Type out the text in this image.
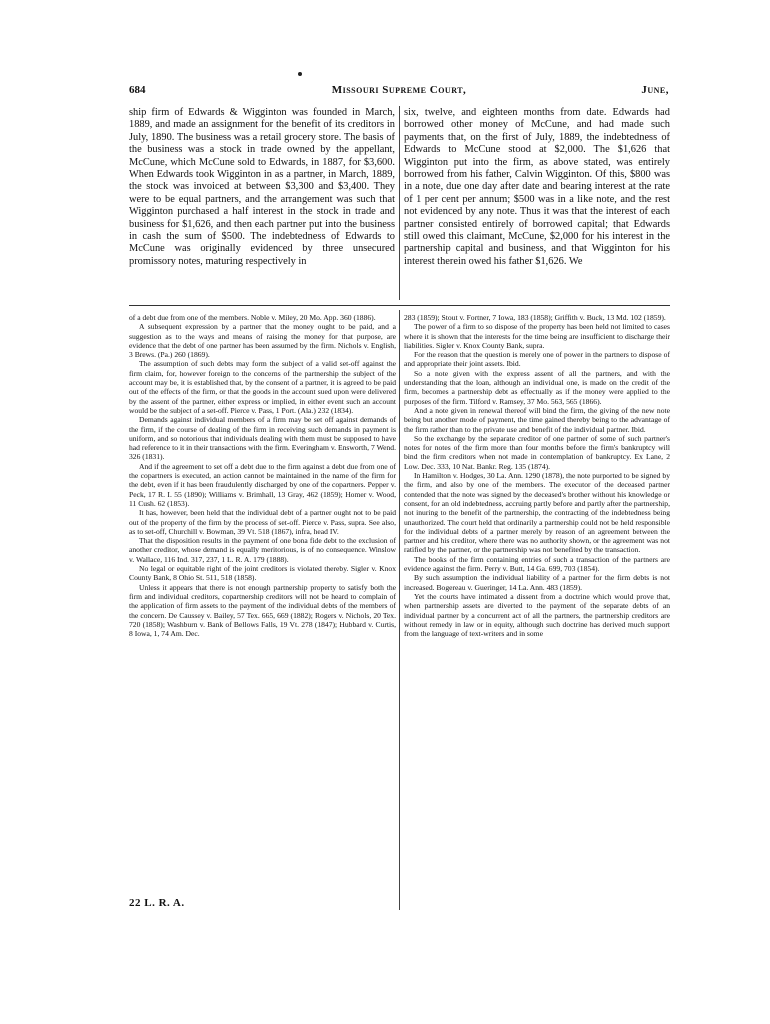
Missouri Supreme Court,
684	June,

ship firm of Edwards & Wigginton was founded in March, 1889, and made an assignment for the benefit of its creditors in July, 1890. The business was a retail grocery store. The basis of the business was a stock in trade owned by the appellant, McCune, which McCune sold to Edwards, in 1887, for $3,600. When Edwards took Wigginton in as a partner, in March, 1889, the stock was invoiced at between $3,300 and $3,400. They were to be equal partners, and the arrangement was such that Wigginton purchased a half interest in the stock in trade and business for $1,626, and then each partner put into the business in cash the sum of $500. The indebtedness of Edwards to McCune was originally evidenced by three unsecured promissory notes, maturing respectively in

six, twelve, and eighteen months from date. Edwards had borrowed other money of McCune, and had made such payments that, on the first of July, 1889, the indebtedness of Edwards to McCune stood at $2,000. The $1,626 that Wigginton put into the firm, as above stated, was entirely borrowed from his father, Calvin Wigginton. Of this, $800 was in a note, due one day after date and bearing interest at the rate of 1 per cent per annum; $500 was in a like note, and the rest not evidenced by any note. Thus it was that the interest of each partner consisted entirely of borrowed capital; that Edwards still owed this claimant, McCune, $2,000 for his interest in the partnership capital and business, and that Wigginton for his interest therein owed his father $1,626. We

of a debt due from one of the members. Noble v. Miley, 20 Mo. App. 360 (1886).

A subsequent expression by a partner that the money ought to be paid, and a suggestion as to the ways and means of raising the money for that purpose, are evidence that the debt of one partner has been assumed by the firm. Nichols v. English, 3 Brews. (Pa.) 260 (1869).

The assumption of such debts may form the subject of a valid set-off against the firm claim, for, however foreign to the concerns of the partnership the subject of the account may be, it is established that, by the consent of a partner, it is agreed to be paid out of the effects of the firm, or that the goods in the account sued upon were delivered by the assent of the partner, either express or implied, in either event such an account would be the subject of a set-off. Pierce v. Pass, 1 Port. (Ala.) 232 (1834).

Demands against individual members of a firm may be set off against demands of the firm, if the course of dealing of the firm in receiving such demands in payment is uniform, and so notorious that individuals dealing with them must be supposed to have had reference to it in their transactions with the firm. Everingham v. Ensworth, 7 Wend. 326 (1831).

And if the agreement to set off a debt due to the firm against a debt due from one of the copartners is executed, an action cannot be maintained in the name of the firm for the debt, even if it has been fraudulently discharged by one of the copartners. Pepper v. Peck, 17 R. I. 55 (1890); Williams v. Brimhall, 13 Gray, 462 (1859); Homer v. Wood, 11 Cush. 62 (1853).

It has, however, been held that the individual debt of a partner ought not to be paid out of the property of the firm by the process of set-off. Pierce v. Pass, supra. See also, as to set-off, Churchill v. Bowman, 39 Vt. 518 (1867), infra, head IV.

That the disposition results in the payment of one bona fide debt to the exclusion of another creditor, whose demand is equally meritorious, is of no consequence. Winslow v. Wallace, 116 Ind. 317, 237, 1 L. R. A. 179 (1888).

No legal or equitable right of the joint creditors is violated thereby. Sigler v. Knox County Bank, 8 Ohio St. 511, 518 (1858).

Unless it appears that there is not enough partnership property to satisfy both the firm and individual creditors, copartnership creditors will not be heard to complain of the application of firm assets to the payment of the individual debts of the members of the concern. De Caussey v. Bailey, 57 Tex. 665, 669 (1882); Rogers v. Nichols, 20 Tex. 720 (1858); Washburn v. Bank of Bellows Falls, 19 Vt. 278 (1847); Hubbard v. Curtis, 8 Iowa, 1, 74 Am. Dec.

283 (1859); Stout v. Fortner, 7 Iowa, 183 (1858); Griffith v. Buck, 13 Md. 102 (1859).

The power of a firm to so dispose of the property has been held not limited to cases where it is shown that the interests for the time being are insufficient to discharge their liabilities. Sigler v. Knox County Bank, supra.

For the reason that the question is merely one of power in the partners to dispose of and appropriate their joint assets. Ibid.

So a note given with the express assent of all the partners, and with the understanding that the loan, although an individual one, is made on the credit of the firm, becomes a partnership debt as effectually as if the money were applied to the purposes of the firm. Tilford v. Ramsey, 37 Mo. 563, 565 (1866).

And a note given in renewal thereof will bind the firm, the giving of the new note being but another mode of payment, the time gained thereby being to the advantage of the firm rather than to the private use and benefit of the individual partner. Ibid.

So the exchange by the separate creditor of one partner of some of such partner's notes for notes of the firm more than four months before the firm's bankruptcy will bind the firm creditors when not made in contemplation of bankruptcy. Ex Lane, 2 Low. Dec. 333, 10 Nat. Bankr. Reg. 135 (1874).

In Hamilton v. Hodges, 30 La. Ann. 1290 (1878), the note purported to be signed by the firm, and also by one of the members. The executor of the deceased partner contended that the note was signed by the deceased's brother without his knowledge or consent, for an old indebtedness, accruing partly before and partly after the partnership, not inuring to the benefit of the partnership, the contracting of the indebtedness being unauthorized. The court held that ordinarily a partnership could not be held responsible for the individual debts of a partner merely by reason of an agreement between the partner and his creditor, where there was no authority shown, or the agreement was not ratified by the partner, or the partnership was not benefited by the transaction.

The books of the firm containing entries of such a transaction of the partners are evidence against the firm. Perry v. Butt, 14 Ga. 699, 703 (1854).

By such assumption the individual liability of a partner for the firm debts is not increased. Bogereau v. Gueringer, 14 La. Ann. 483 (1859).

Yet the courts have intimated a dissent from a doctrine which would prove that, when partnership assets are diverted to the payment of the separate debts of an individual partner by a concurrent act of all the partners, the partnership creditors are without remedy in law or in equity, although such doctrine has derived much support from the language of text-writers and in some

22 L. R. A.
